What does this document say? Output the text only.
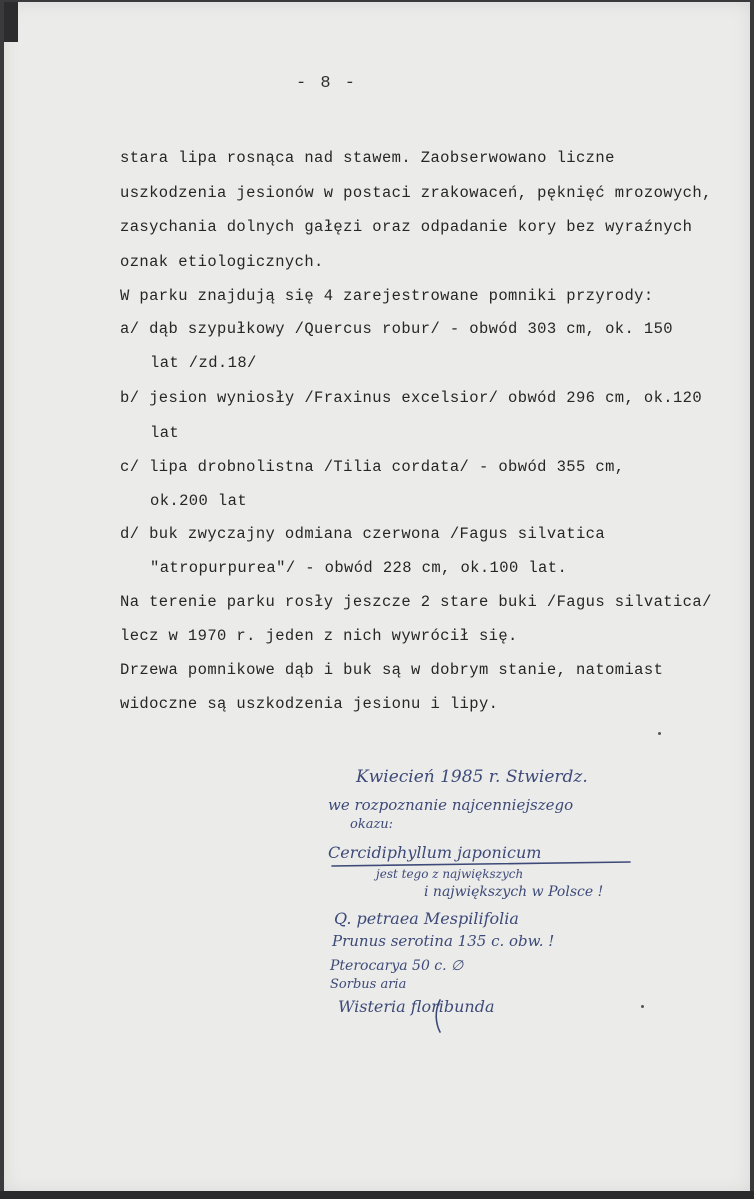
- 8 -
stara lipa rosnąca nad stawem. Zaobserwowano liczne
uszkodzenia jesionów w postaci zrakowaceń, pęknięć mrozowych,
zasychania dolnych gałęzi oraz odpadanie kory bez wyraźnych
oznak etiologicznych.
W parku znajdują się 4 zarejestrowane pomniki przyrody:
a/ dąb szypułkowy /Quercus robur/ - obwód 303 cm, ok. 150
lat /zd.18/
b/ jesion wyniosły /Fraxinus excelsior/ obwód 296 cm, ok.120
lat
c/ lipa drobnolistna /Tilia cordata/ - obwód 355 cm,
ok.200 lat
d/ buk zwyczajny odmiana czerwona /Fagus silvatica
"atropurpurea"/ - obwód 228 cm, ok.100 lat.
Na terenie parku rosły jeszcze 2 stare buki /Fagus silvatica/
lecz w 1970 r. jeden z nich wywrócił się.
Drzewa pomnikowe dąb i buk są w dobrym stanie, natomiast
widoczne są uszkodzenia jesionu i lipy.
Kwiecień 1985 r. Stwierdz.
we rozpoznanie najcenniejszego
okazu:
Cercidiphyllum japonicum
jest tego z największych
i największych w Polsce !
Q. petraea Mespilifolia
Prunus serotina 135 c. obw. !
Pterocarya 50 c. ∅
Sorbus aria
Wisteria floribunda
